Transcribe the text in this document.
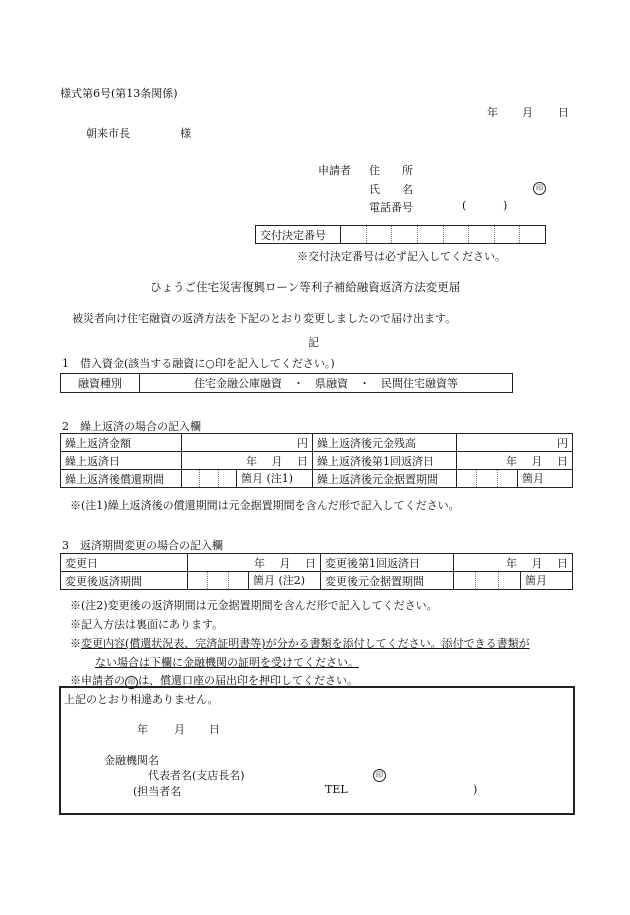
様式第6号(第13条関係)
年 月 日
朝来市長	様
申請者 住　　所
氏　　名	印
電話番号	(	)
交付決定番号	
※交付決定番号は必ず記入してください。
ひょうご住宅災害復興ローン等利子補給融資返済方法変更届
被災者向け住宅融資の返済方法を下記のとおり変更しましたので届け出ます。
記
1　借入資金(該当する融資に○印を記入してください。)
融資種別	住宅金融公庫融資　・　県融資　・　民間住宅融資等
2　繰上返済の場合の記入欄
繰上返済金額	円	繰上返済後元金残高	円
繰上返済日	年　 月　 日	繰上返済後第1回返済日	年　 月　 日
繰上返済後償還期間	箇月 (注1)	繰上返済後元金据置期間	箇月
※(注1)繰上返済後の償還期間は元金据置期間を含んだ形で記入してください。
3　返済期間変更の場合の記入欄
変更日	年　 月　 日	変更後第1回返済日	年　 月　 日
変更後返済期間	箇月 (注2)	変更後元金据置期間	箇月
※(注2)変更後の返済期間は元金据置期間を含んだ形で記入してください。
※記入方法は裏面にあります。
※変更内容(償還状況表、完済証明書等)が分かる書類を添付してください。添付できる書類が
ない場合は下欄に金融機関の証明を受けてください。
※申請者の 印 は、償還口座の届出印を押印してください。
上記のとおり相違ありません。
年 月 日
金融機関名
代表者名(支店長名)	印
(担当者名	TEL	)
